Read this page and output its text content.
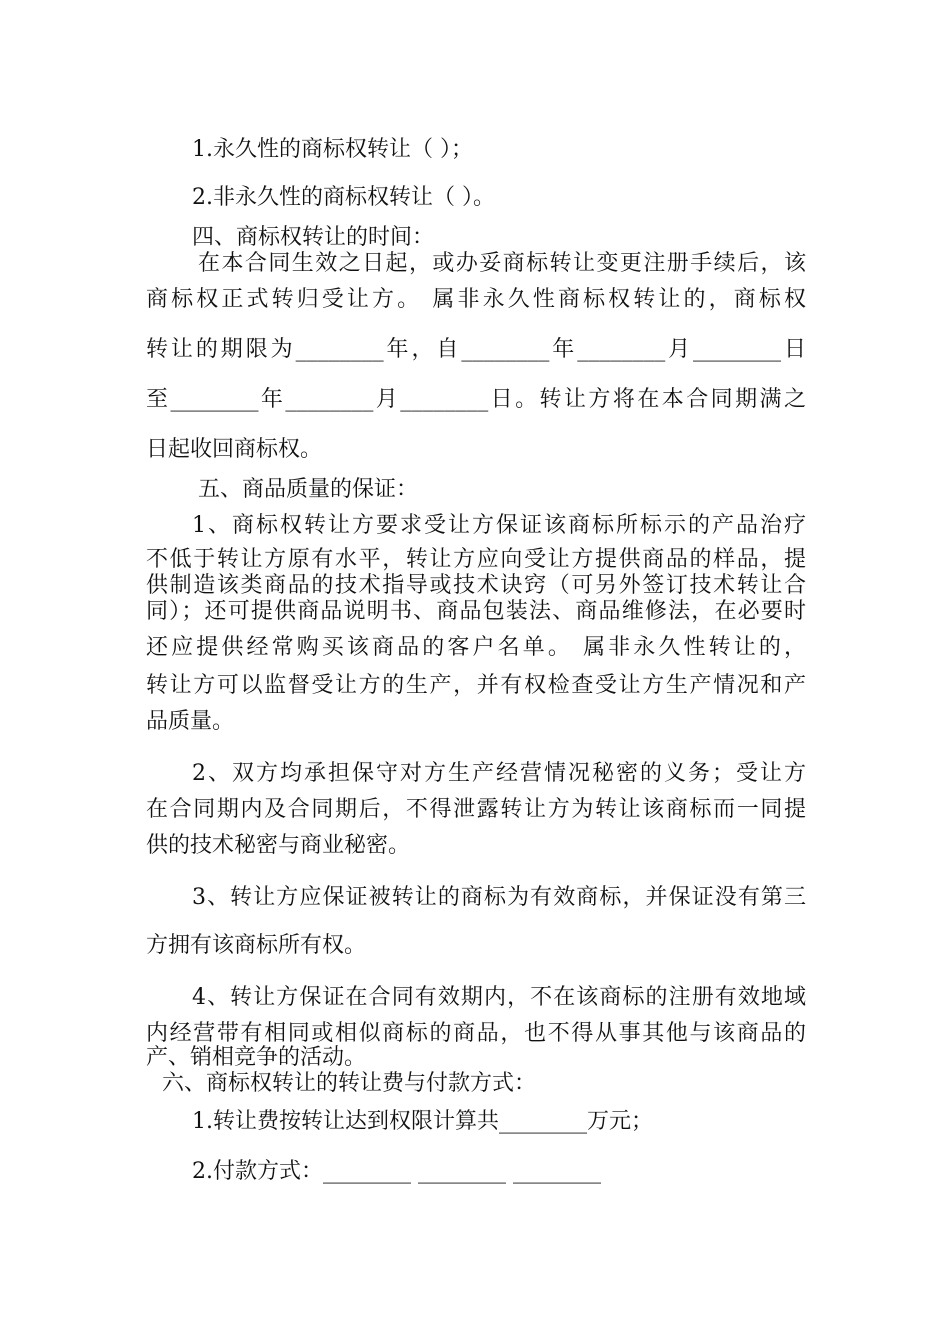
1.永久性的商标权转让（ ）；
2.非永久性的商标权转让（ ）。
四、商标权转让的时间：
在本合同生效之日起，或办妥商标转让变更注册手续后，该
商标权正式转归受让方。 属非永久性商标权转让的，商标权
转让的期限为________年，自________年________月________日
至________年________月________日。转让方将在本合同期满之
日起收回商标权。
五、商品质量的保证：
1、商标权转让方要求受让方保证该商标所标示的产品治疗
不低于转让方原有水平，转让方应向受让方提供商品的样品，提
供制造该类商品的技术指导或技术诀窍（可另外签订技术转让合
同）；还可提供商品说明书、商品包装法、商品维修法，在必要时
还应提供经常购买该商品的客户名单。 属非永久性转让的，
转让方可以监督受让方的生产，并有权检查受让方生产情况和产
品质量。
2、双方均承担保守对方生产经营情况秘密的义务；受让方
在合同期内及合同期后，不得泄露转让方为转让该商标而一同提
供的技术秘密与商业秘密。
3、转让方应保证被转让的商标为有效商标，并保证没有第三
方拥有该商标所有权。
4、转让方保证在合同有效期内，不在该商标的注册有效地域
内经营带有相同或相似商标的商品，也不得从事其他与该商品的
产、销相竞争的活动。
六、商标权转让的转让费与付款方式：
1.转让费按转让达到权限计算共________万元；
2.付款方式：________ ________ ________
